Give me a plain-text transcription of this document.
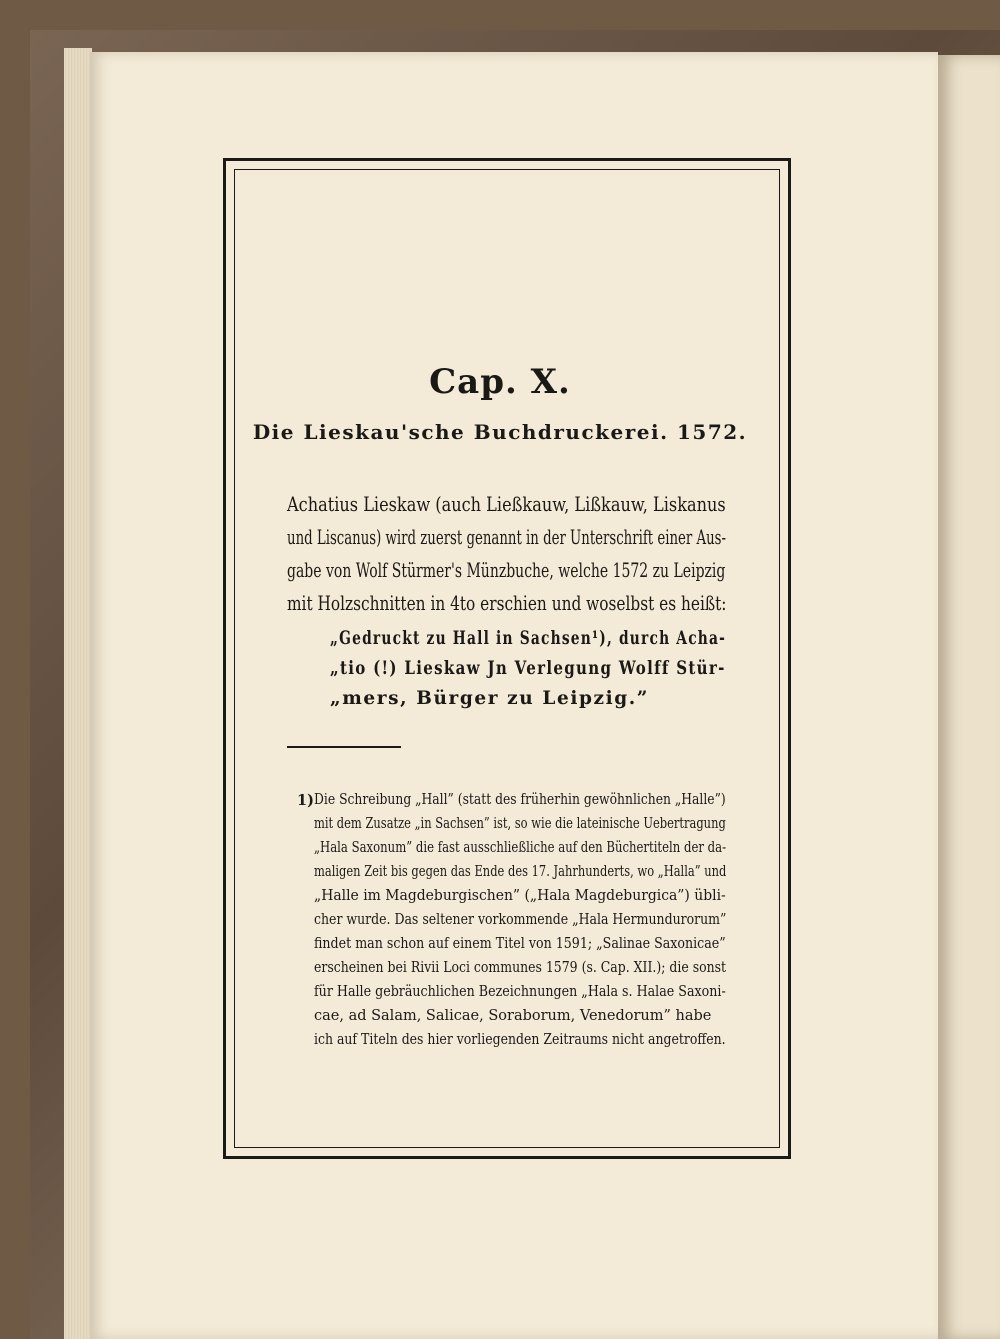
Cap. X.
Die Lieskau'sche Buchdruckerei. 1572.
Achatius Lieskaw (auch Ließkauw, Lißkauw, Liskanus
und Liscanus) wird zuerst genannt in der Unterschrift einer Aus-
gabe von Wolf Stürmer's Münzbuche, welche 1572 zu Leipzig
mit Holzschnitten in 4to erschien und woselbst es heißt:
„Gedruckt zu Hall in Sachsen¹), durch Acha-
„tio (!) Lieskaw Jn Verlegung Wolff Stür-
„mers, Bürger zu Leipzig.”
1) Die Schreibung „Hall” (statt des früherhin gewöhnlichen „Halle”)
mit dem Zusatze „in Sachsen” ist, so wie die lateinische Uebertragung
„Hala Saxonum” die fast ausschließliche auf den Büchertiteln der da-
maligen Zeit bis gegen das Ende des 17. Jahrhunderts, wo „Halla” und
„Halle im Magdeburgischen” („Hala Magdeburgica”) übli-
cher wurde. Das seltener vorkommende „Hala Hermundurorum”
findet man schon auf einem Titel von 1591; „Salinae Saxonicae”
erscheinen bei Rivii Loci communes 1579 (s. Cap. XII.); die sonst
für Halle gebräuchlichen Bezeichnungen „Hala s. Halae Saxoni-
cae, ad Salam, Salicae, Soraborum, Venedorum” habe
ich auf Titeln des hier vorliegenden Zeitraums nicht angetroffen.
